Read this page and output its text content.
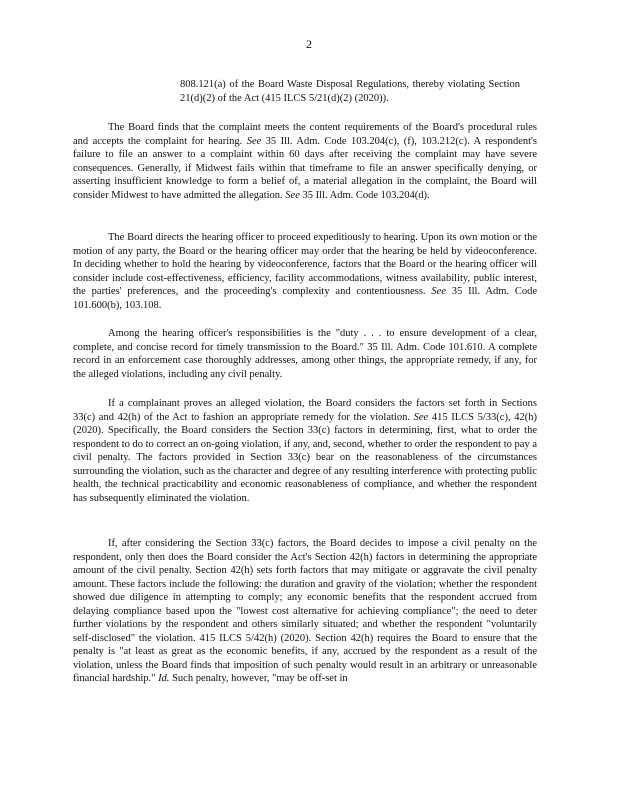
2
808.121(a) of the Board Waste Disposal Regulations, thereby violating Section 21(d)(2) of the Act (415 ILCS 5/21(d)(2) (2020)).

The Board finds that the complaint meets the content requirements of the Board's procedural rules and accepts the complaint for hearing. See 35 Ill. Adm. Code 103.204(c), (f), 103.212(c). A respondent's failure to file an answer to a complaint within 60 days after receiving the complaint may have severe consequences. Generally, if Midwest fails within that timeframe to file an answer specifically denying, or asserting insufficient knowledge to form a belief of, a material allegation in the complaint, the Board will consider Midwest to have admitted the allegation. See 35 Ill. Adm. Code 103.204(d).

The Board directs the hearing officer to proceed expeditiously to hearing. Upon its own motion or the motion of any party, the Board or the hearing officer may order that the hearing be held by videoconference. In deciding whether to hold the hearing by videoconference, factors that the Board or the hearing officer will consider include cost-effectiveness, efficiency, facility accommodations, witness availability, public interest, the parties' preferences, and the proceeding's complexity and contentiousness. See 35 Ill. Adm. Code 101.600(b), 103.108.

Among the hearing officer's responsibilities is the "duty . . . to ensure development of a clear, complete, and concise record for timely transmission to the Board." 35 Ill. Adm. Code 101.610. A complete record in an enforcement case thoroughly addresses, among other things, the appropriate remedy, if any, for the alleged violations, including any civil penalty.

If a complainant proves an alleged violation, the Board considers the factors set forth in Sections 33(c) and 42(h) of the Act to fashion an appropriate remedy for the violation. See 415 ILCS 5/33(c), 42(h) (2020). Specifically, the Board considers the Section 33(c) factors in determining, first, what to order the respondent to do to correct an on-going violation, if any, and, second, whether to order the respondent to pay a civil penalty. The factors provided in Section 33(c) bear on the reasonableness of the circumstances surrounding the violation, such as the character and degree of any resulting interference with protecting public health, the technical practicability and economic reasonableness of compliance, and whether the respondent has subsequently eliminated the violation.

If, after considering the Section 33(c) factors, the Board decides to impose a civil penalty on the respondent, only then does the Board consider the Act's Section 42(h) factors in determining the appropriate amount of the civil penalty. Section 42(h) sets forth factors that may mitigate or aggravate the civil penalty amount. These factors include the following: the duration and gravity of the violation; whether the respondent showed due diligence in attempting to comply; any economic benefits that the respondent accrued from delaying compliance based upon the "lowest cost alternative for achieving compliance"; the need to deter further violations by the respondent and others similarly situated; and whether the respondent "voluntarily self-disclosed" the violation. 415 ILCS 5/42(h) (2020). Section 42(h) requires the Board to ensure that the penalty is "at least as great as the economic benefits, if any, accrued by the respondent as a result of the violation, unless the Board finds that imposition of such penalty would result in an arbitrary or unreasonable financial hardship." Id. Such penalty, however, "may be off-set in
